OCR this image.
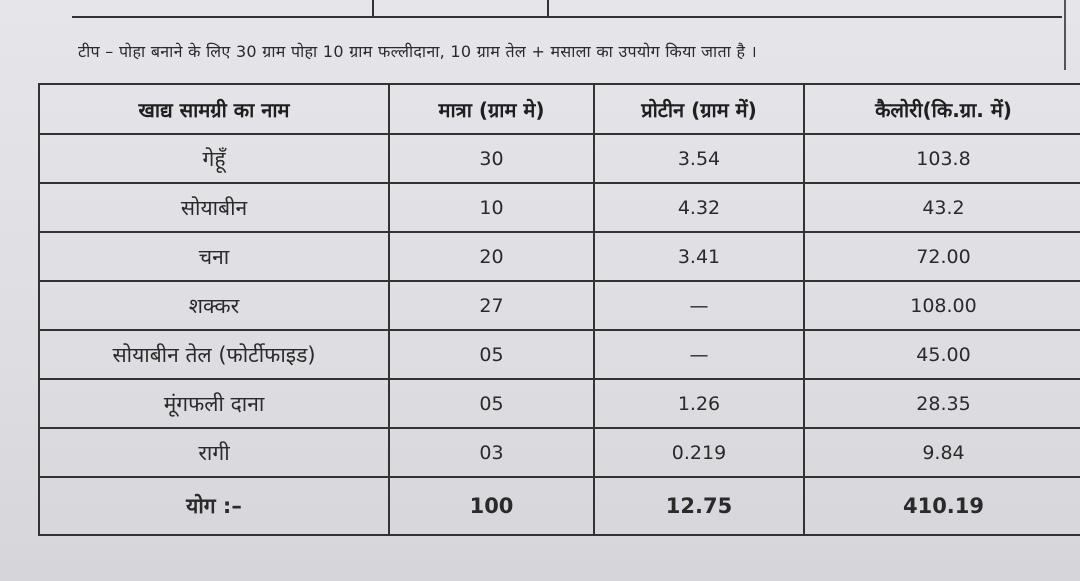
टीप – पोहा बनाने के लिए 30 ग्राम पोहा 10 ग्राम फल्लीदाना, 10 ग्राम तेल + मसाला का उपयोग किया जाता है ।
खाद्य सामग्री का नाम	मात्रा (ग्राम मे)	प्रोटीन (ग्राम में)	कैलोरी(कि.ग्रा. में)
गेहूँ	30	3.54	103.8
सोयाबीन	10	4.32	43.2
चना	20	3.41	72.00
शक्कर	27	—	108.00
सोयाबीन तेल (फोर्टीफाइड)	05	—	45.00
मूंगफली दाना	05	1.26	28.35
रागी	03	0.219	9.84
योग :–	100	12.75	410.19
